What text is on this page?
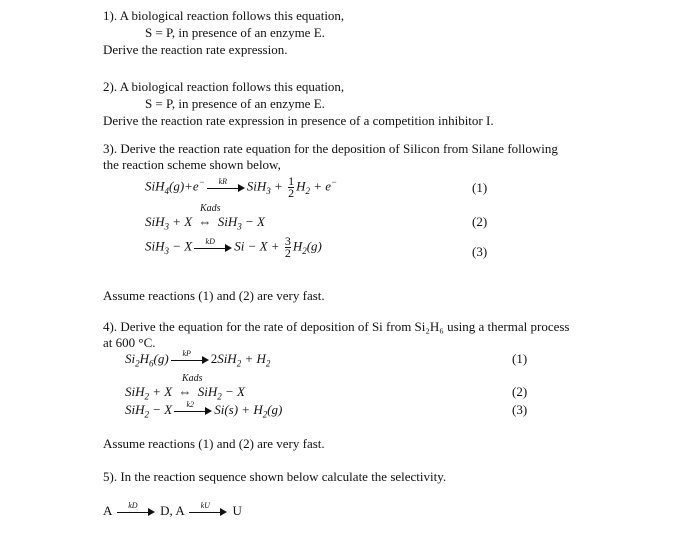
1). A biological reaction follows this equation,
S = P, in presence of an enzyme E.
Derive the reaction rate expression.
2). A biological reaction follows this equation,
S = P, in presence of an enzyme E.
Derive the reaction rate expression in presence of a competition inhibitor I.
3). Derive the reaction rate equation for the deposition of Silicon from Silane following
the reaction scheme shown below,
SiH$_4$(g)+e−	kR	$SiH_3 + \frac{1}{2} H_2 + e^-$	(1)
Kads
SiH$_3$ + X ⇔ SiH$_3$ − X	(2)
SiH$_3$ − X	kD	$Si - X + \frac{3}{2} H_2(g)$	(3)
Assume reactions (1) and (2) are very fast.
4). Derive the equation for the rate of deposition of Si from Si₂H₆ using a thermal process
at 600 °C.
$Si_2H_6(g)$	kP	$2SiH_2 + H_2$	(1)
Kads
SiH$_2$ + X ⇔ SiH$_2$ − X	(2)
SiH$_2$ − X	k2	$Si(s) + H_2(g)$	(3)
Assume reactions (1) and (2) are very fast.
5). In the reaction sequence shown below calculate the selectivity.
A	kD	D, A	kU	U
